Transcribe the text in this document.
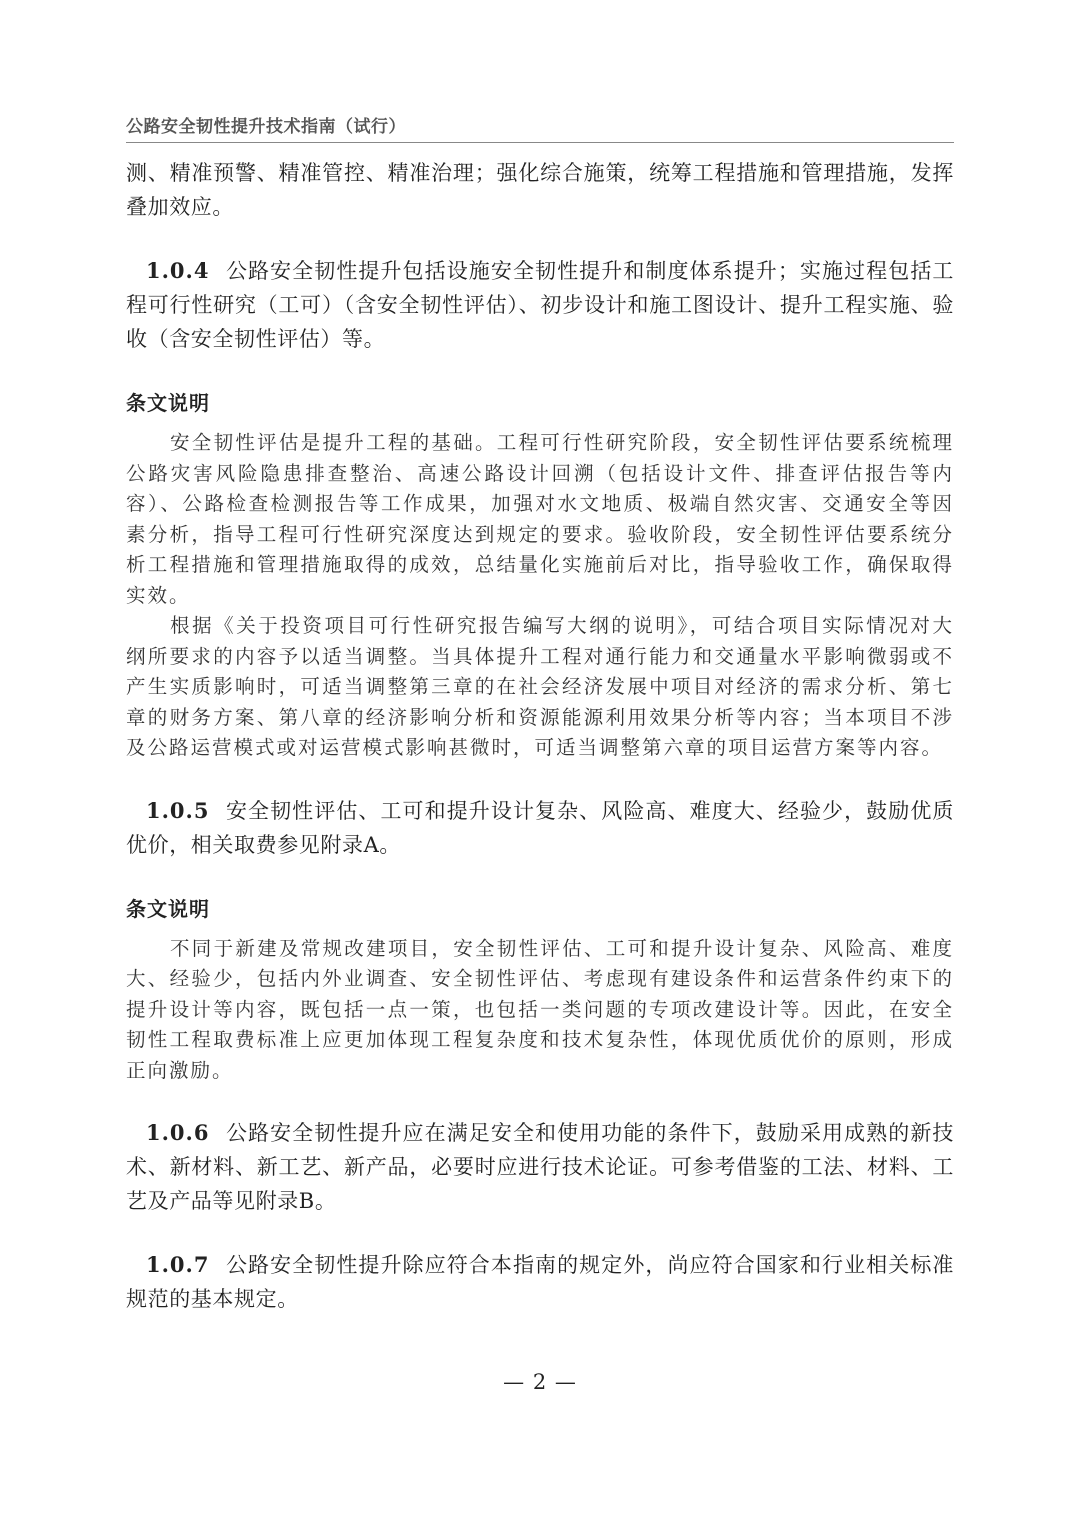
公路安全韧性提升技术指南（试行）

测、精准预警、精准管控、精准治理；强化综合施策，统筹工程措施和管理措施，发挥叠加效应。

1.0.4 公路安全韧性提升包括设施安全韧性提升和制度体系提升；实施过程包括工程可行性研究（工可）（含安全韧性评估）、初步设计和施工图设计、提升工程实施、验收（含安全韧性评估）等。

条文说明

安全韧性评估是提升工程的基础。工程可行性研究阶段，安全韧性评估要系统梳理公路灾害风险隐患排查整治、高速公路设计回溯（包括设计文件、排查评估报告等内容）、公路检查检测报告等工作成果，加强对水文地质、极端自然灾害、交通安全等因素分析，指导工程可行性研究深度达到规定的要求。验收阶段，安全韧性评估要系统分析工程措施和管理措施取得的成效，总结量化实施前后对比，指导验收工作，确保取得实效。

根据《关于投资项目可行性研究报告编写大纲的说明》，可结合项目实际情况对大纲所要求的内容予以适当调整。当具体提升工程对通行能力和交通量水平影响微弱或不产生实质影响时，可适当调整第三章的在社会经济发展中项目对经济的需求分析、第七章的财务方案、第八章的经济影响分析和资源能源利用效果分析等内容；当本项目不涉及公路运营模式或对运营模式影响甚微时，可适当调整第六章的项目运营方案等内容。

1.0.5 安全韧性评估、工可和提升设计复杂、风险高、难度大、经验少，鼓励优质优价，相关取费参见附录A。

条文说明

不同于新建及常规改建项目，安全韧性评估、工可和提升设计复杂、风险高、难度大、经验少，包括内外业调查、安全韧性评估、考虑现有建设条件和运营条件约束下的提升设计等内容，既包括一点一策，也包括一类问题的专项改建设计等。因此，在安全韧性工程取费标准上应更加体现工程复杂度和技术复杂性，体现优质优价的原则，形成正向激励。

1.0.6 公路安全韧性提升应在满足安全和使用功能的条件下，鼓励采用成熟的新技术、新材料、新工艺、新产品，必要时应进行技术论证。可参考借鉴的工法、材料、工艺及产品等见附录B。

1.0.7 公路安全韧性提升除应符合本指南的规定外，尚应符合国家和行业相关标准规范的基本规定。

— 2 —
